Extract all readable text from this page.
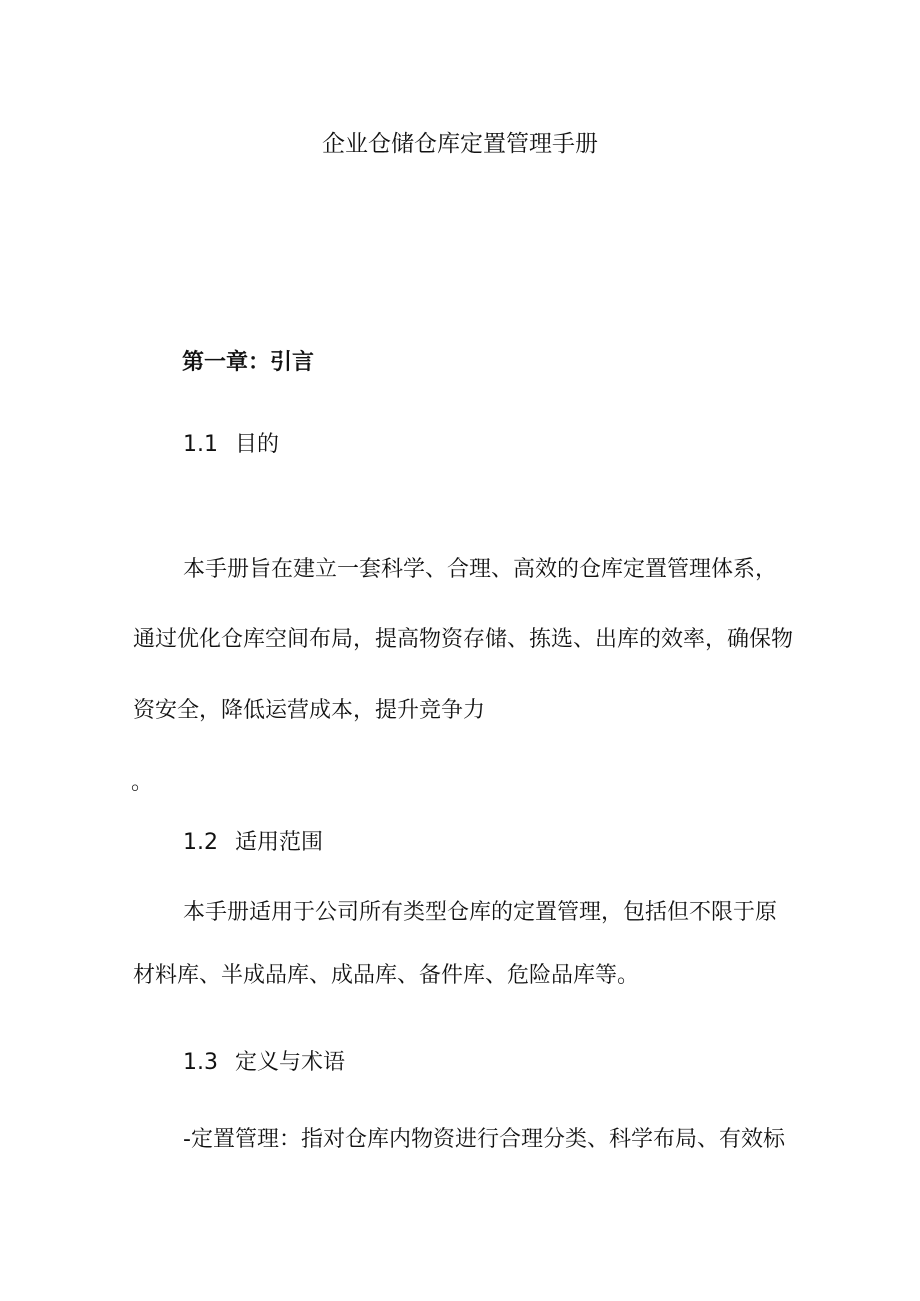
企业仓储仓库定置管理手册
第一章：引言
1.1 目的
本手册旨在建立一套科学、合理、高效的仓库定置管理体系，
通过优化仓库空间布局，提高物资存储、拣选、出库的效率，确保物
资安全，降低运营成本，提升竞争力
。
1.2 适用范围
本手册适用于公司所有类型仓库的定置管理，包括但不限于原
材料库、半成品库、成品库、备件库、危险品库等。
1.3 定义与术语
-定置管理：指对仓库内物资进行合理分类、科学布局、有效标
